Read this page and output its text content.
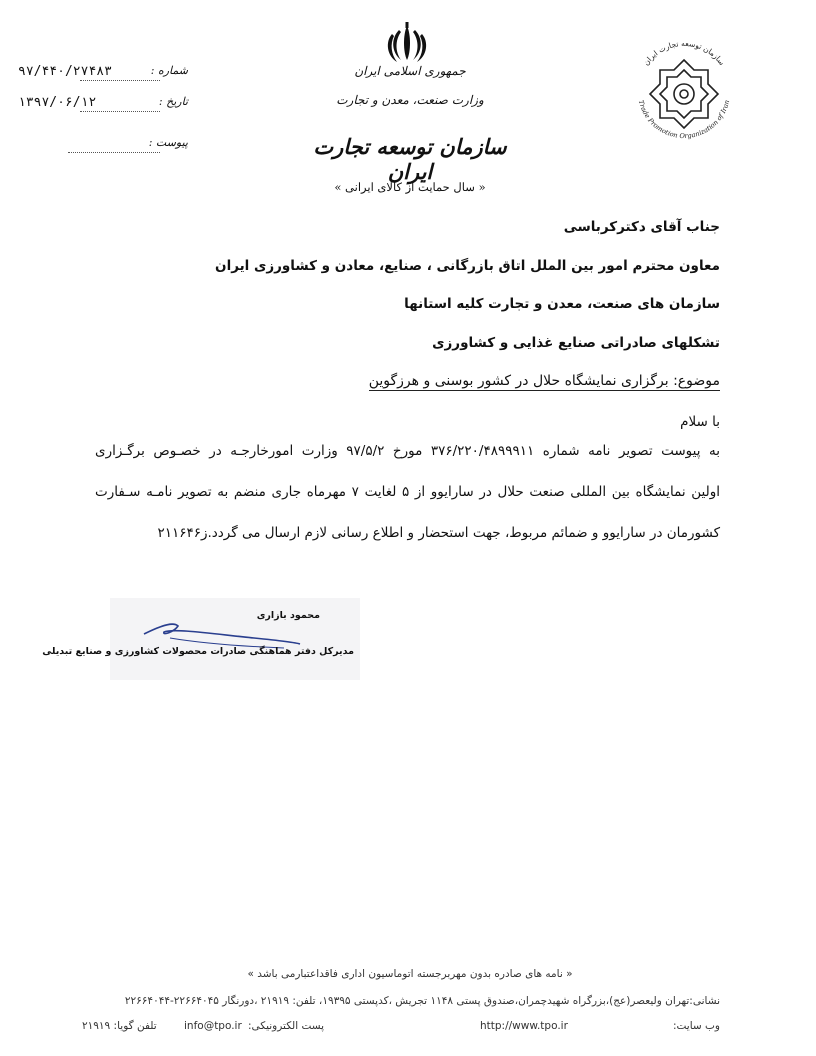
۹۷/۴۴۰/۲۷۴۸۳	شماره :
۱۳۹۷/۰۶/۱۲	تاریخ :
پیوست :
جمهوری اسلامی ایران
وزارت صنعت، معدن و تجارت
سازمان توسعه تجارت ایران
« سال حمایت از کالای ایرانی »
سازمان توسعه تجارت ایران
Trade Promotion Organization of Iran
جناب آقای دکترکرباسی
معاون محترم امور بین الملل اتاق بازرگانی ، صنایع، معادن و کشاورزی ایران
سازمان های صنعت، معدن و تجارت کلیه استانها
تشکلهای صادراتی صنایع غذایی و کشاورزی
موضوع: برگزاری نمایشگاه حلال در کشور بوسنی و هرزگوین
با سلام
به پیوست تصویر نامه شماره ۳۷۶/۲۲۰/۴۸۹۹۹۱۱ مورخ ۹۷/۵/۲ وزارت امورخارجـه در خصـوص برگـزاری
اولین نمایشگاه بین المللی صنعت حلال در سارایوو از ۵ لغایت ۷ مهرماه جاری منضم به تصویر نامـه سـفارت
کشورمان در سارایوو و ضمائم مربوط، جهت استحضار و اطلاع رسانی لازم ارسال می گردد.ز۲۱۱۶۴۶
محمود بازاری
مدیرکل دفتر هماهنگی صادرات محصولات کشاورزی و صنایع تبدیلی
« نامه های صادره بدون مهربرجسته اتوماسیون اداری فاقداعتبارمی باشد »
نشانی:تهران ولیعصر(عج)،بزرگراه شهیدچمران،صندوق پستی ۱۱۴۸ تجریش ،کدپستی ۱۹۳۹۵، تلفن: ۲۱۹۱۹ ،دورنگار ۲۲۶۶۴۰۴۵-۲۲۶۶۴۰۴۴
وب سایت:
http://www.tpo.ir
پست الکترونیکی:
info@tpo.ir
تلفن گویا: ۲۱۹۱۹
